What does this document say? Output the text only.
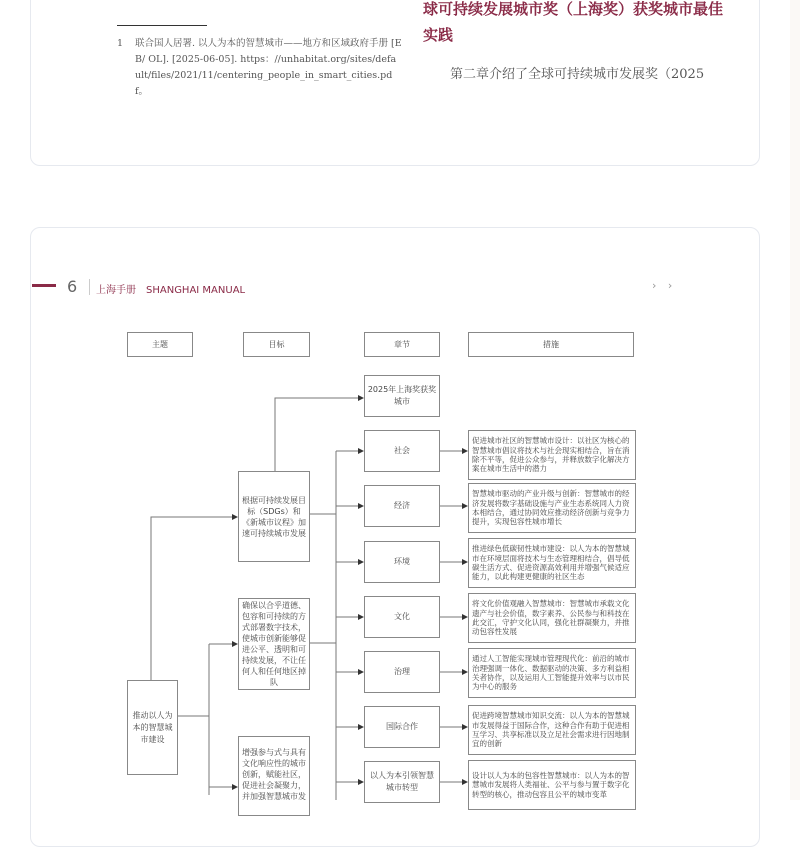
1 联合国人居署. 以人为本的智慧城市——地方和区域政府手册 [EB/ OL]. [2025-06-05]. https：//unhabitat.org/sites/default/files/2021/11/centering_people_in_smart_cities.pdf。
球可持续发展城市奖（上海奖）获奖城市最佳实践
第二章介绍了全球可持续城市发展奖（2025
6 上海手册　SHANGHAI MANUAL	› ›
主题	目标	章节	措施
推动以人为本的智慧城市建设
根据可持续发展目标（SDGs）和《新城市议程》加速可持续城市发展
确保以合乎道德、包容和可持续的方式部署数字技术，使城市创新能够促进公平、透明和可持续发展，不让任何人和任何地区掉队
增强参与式与具有文化响应性的城市创新，赋能社区，促进社会凝聚力，并加强智慧城市发
2025年上海奖获奖城市
社会
促进城市社区的智慧城市设计：以社区为核心的智慧城市倡议将技术与社会现实相结合，旨在消除不平等，促进公众参与，并释放数字化解决方案在城市生活中的潜力
经济
智慧城市驱动的产业升级与创新：智慧城市的经济发展将数字基础设施与产业生态系统同人力资本相结合，通过协同效应推动经济创新与竞争力提升，实现包容性城市增长
环境
推进绿色低碳韧性城市建设：以人为本的智慧城市在环境层面将技术与生态管理相结合，倡导低碳生活方式、促进资源高效利用并增强气候适应能力，以此构建更健康的社区生态
文化
将文化价值观融入智慧城市：智慧城市承载文化遗产与社会价值，数字素养、公民参与和科技在此交汇，守护文化认同，强化社群凝聚力，并推动包容性发展
治理
通过人工智能实现城市管理现代化：前沿的城市治理强调一体化、数据驱动的决策、多方利益相关者协作，以及运用人工智能提升效率与以市民为中心的服务
国际合作
促进跨境智慧城市知识交流：以人为本的智慧城市发展得益于国际合作，这种合作有助于促进相互学习、共享标准以及立足社会需求进行因地制宜的创新
以人为本引领智慧城市转型
设计以人为本的包容性智慧城市：以人为本的智慧城市发展将人类福祉、公平与参与置于数字化转型的核心，推动包容且公平的城市变革
